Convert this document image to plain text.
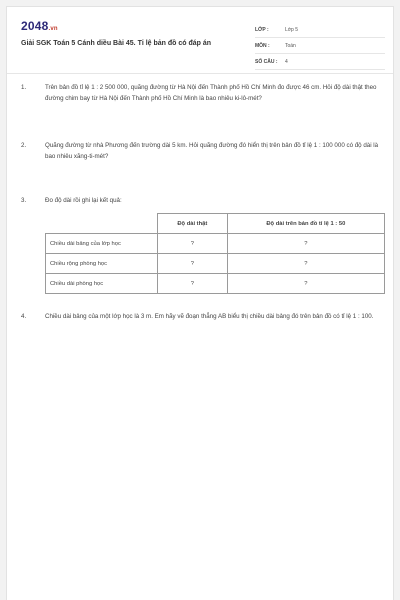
2048.vn
Giải SGK Toán 5 Cánh diều Bài 45. Tỉ lệ bản đồ có đáp án
LỚP :	Lớp 5
MÔN :	Toán
SỐ CÂU :	4
1.	Trên bản đồ tỉ lệ 1 : 2 500 000, quãng đường từ Hà Nội đến Thành phố Hồ Chí Minh đo được 46 cm. Hỏi độ dài thật theo đường chim bay từ Hà Nội đến Thành phố Hồ Chí Minh là bao nhiêu ki-lô-mét?
2.	Quãng đường từ nhà Phương đến trường dài 5 km. Hỏi quãng đường đó hiển thị trên bản đồ tỉ lệ 1 : 100 000 có độ dài là bao nhiêu xăng-ti-mét?
3.	Đo độ dài rồi ghi lại kết quả:
	Độ dài thật	Độ dài trên bản đồ tỉ lệ 1 : 50
Chiều dài bảng của lớp học	?	?
Chiều rộng phòng học	?	?
Chiều dài phòng học	?	?
4.	Chiều dài bảng của một lớp học là 3 m. Em hãy vẽ đoạn thẳng AB biểu thị chiều dài bảng đó trên bản đồ có tỉ lệ 1 : 100.
